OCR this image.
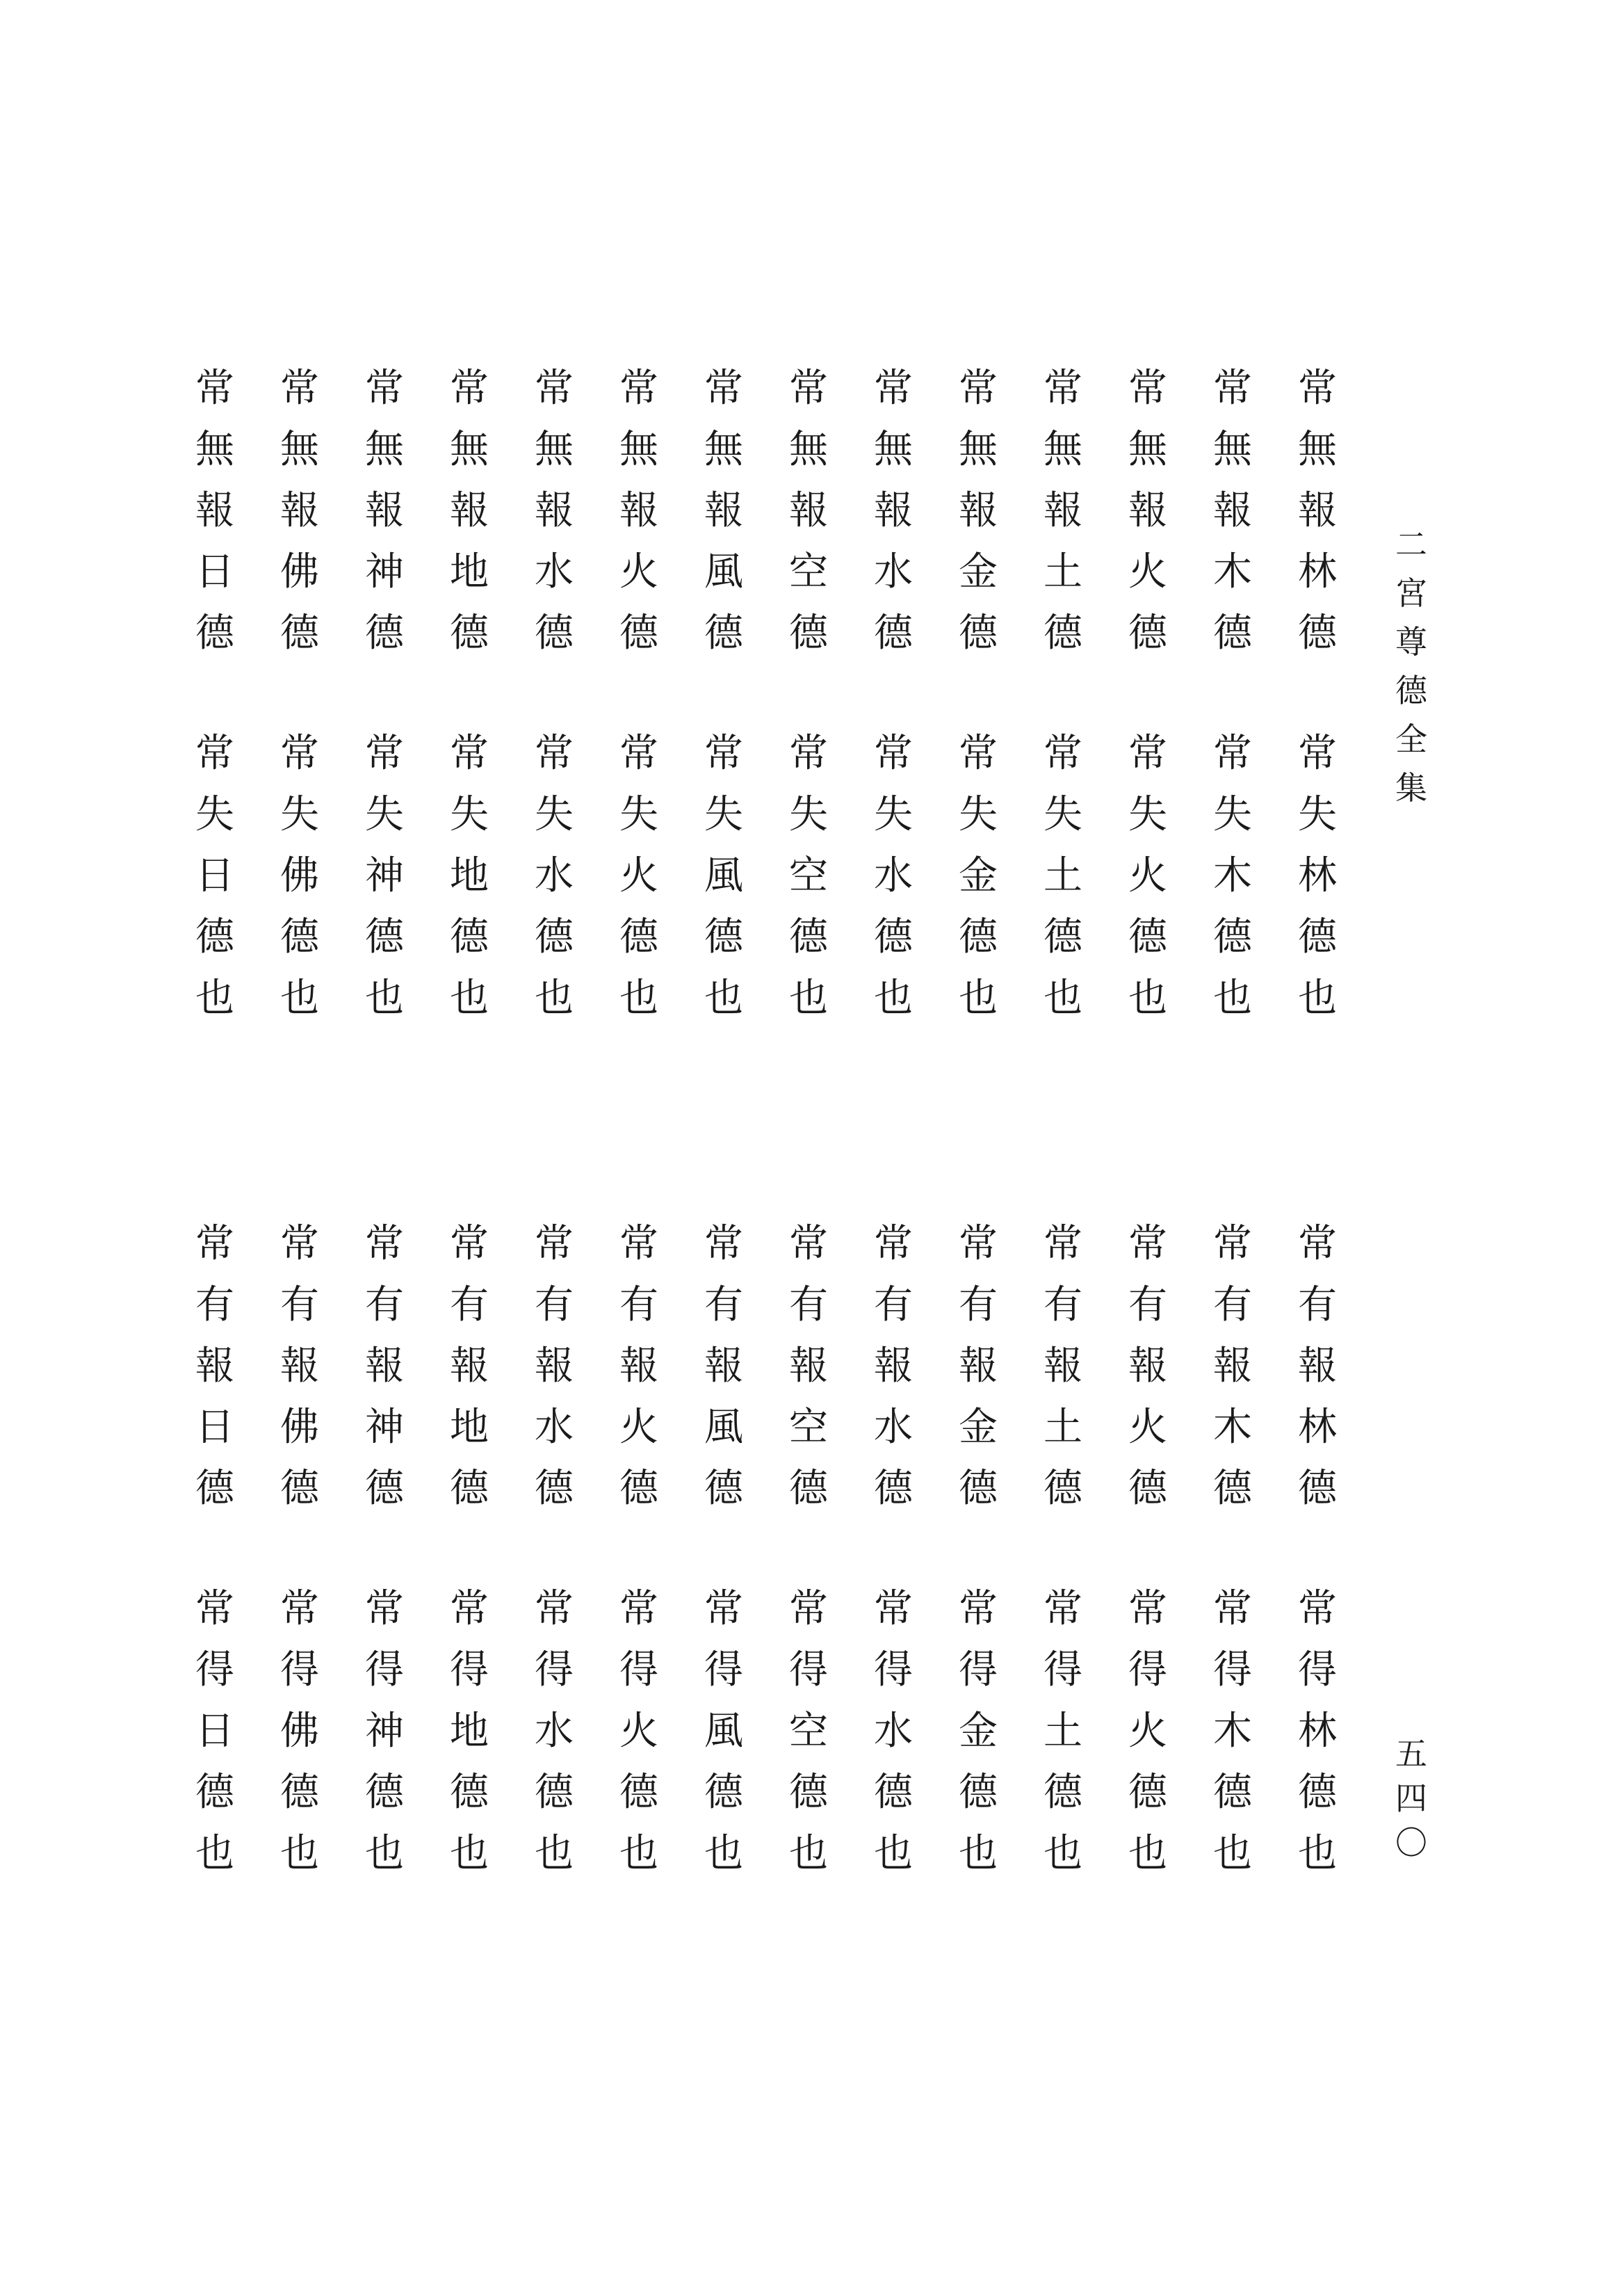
二
宮
尊
德
全
集
五
四
〇
常
無
報
林
德
常
無
報
木
德
常
無
報
火
德
常
無
報
土
德
常
無
報
金
德
常
無
報
水
德
常
無
報
空
德
常
無
報
風
德
常
無
報
火
德
常
無
報
水
德
常
無
報
地
德
常
無
報
神
德
常
無
報
佛
德
常
無
報
日
德
常
失
林
德
也
常
失
木
德
也
常
失
火
德
也
常
失
土
德
也
常
失
金
德
也
常
失
水
德
也
常
失
空
德
也
常
失
風
德
也
常
失
火
德
也
常
失
水
德
也
常
失
地
德
也
常
失
神
德
也
常
失
佛
德
也
常
失
日
德
也
常
有
報
林
德
常
有
報
木
德
常
有
報
火
德
常
有
報
土
德
常
有
報
金
德
常
有
報
水
德
常
有
報
空
德
常
有
報
風
德
常
有
報
火
德
常
有
報
水
德
常
有
報
地
德
常
有
報
神
德
常
有
報
佛
德
常
有
報
日
德
常
得
林
德
也
常
得
木
德
也
常
得
火
德
也
常
得
土
德
也
常
得
金
德
也
常
得
水
德
也
常
得
空
德
也
常
得
風
德
也
常
得
火
德
也
常
得
水
德
也
常
得
地
德
也
常
得
神
德
也
常
得
佛
德
也
常
得
日
德
也
